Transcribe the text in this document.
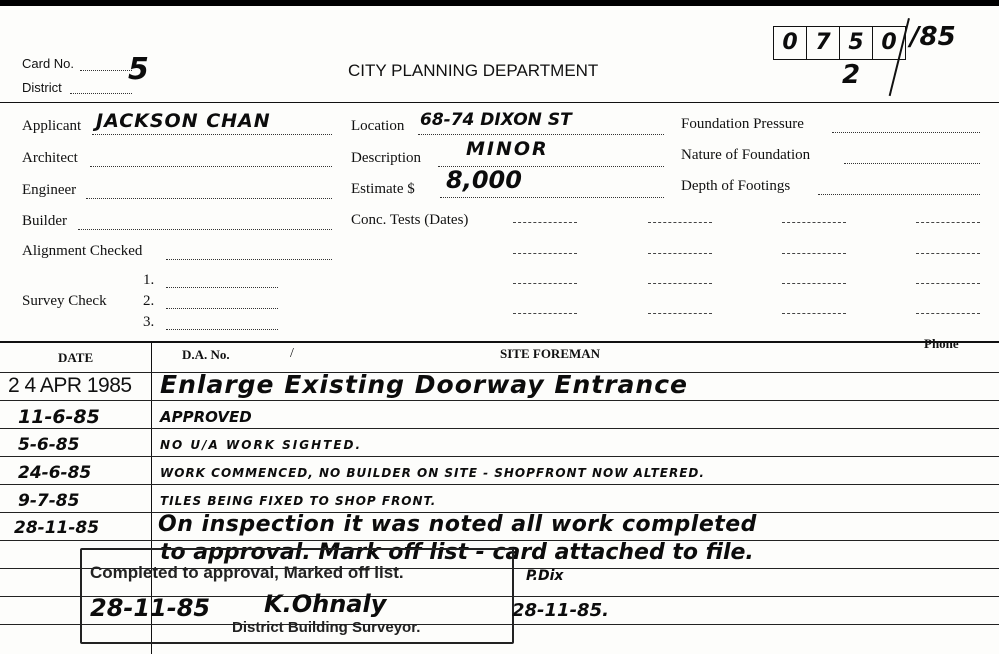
Card No.
District
5	CITY PLANNING DEPARTMENT
0 7 5 0 /85
2
Applicant JACKSON CHAN
Architect
Engineer
Builder
Alignment Checked
Survey Check
1.
2.
3.
Location 68-74 DIXON ST
Description MINOR
Estimate $ 8,000
Conc. Tests (Dates)
Foundation Pressure
Nature of Foundation
Depth of Footings
DATE	D.A. No.	/	SITE FOREMAN
Phone
2 4 APR 1985 Enlarge Existing Doorway Entrance
11-6-85	APPROVED
5-6-85	NO U/A WORK SIGHTED.
24-6-85	WORK COMMENCED, NO BUILDER ON SITE - SHOPFRONT NOW ALTERED.
9-7-85	TILES BEING FIXED TO SHOP FRONT.
28-11-85	On inspection it was noted all work completed
to approval. Mark off list - card attached to file.
Completed to approval, Marked off list.	P.Dix
28-11-85 K.Ohnaly	28-11-85.
District Building Surveyor.
